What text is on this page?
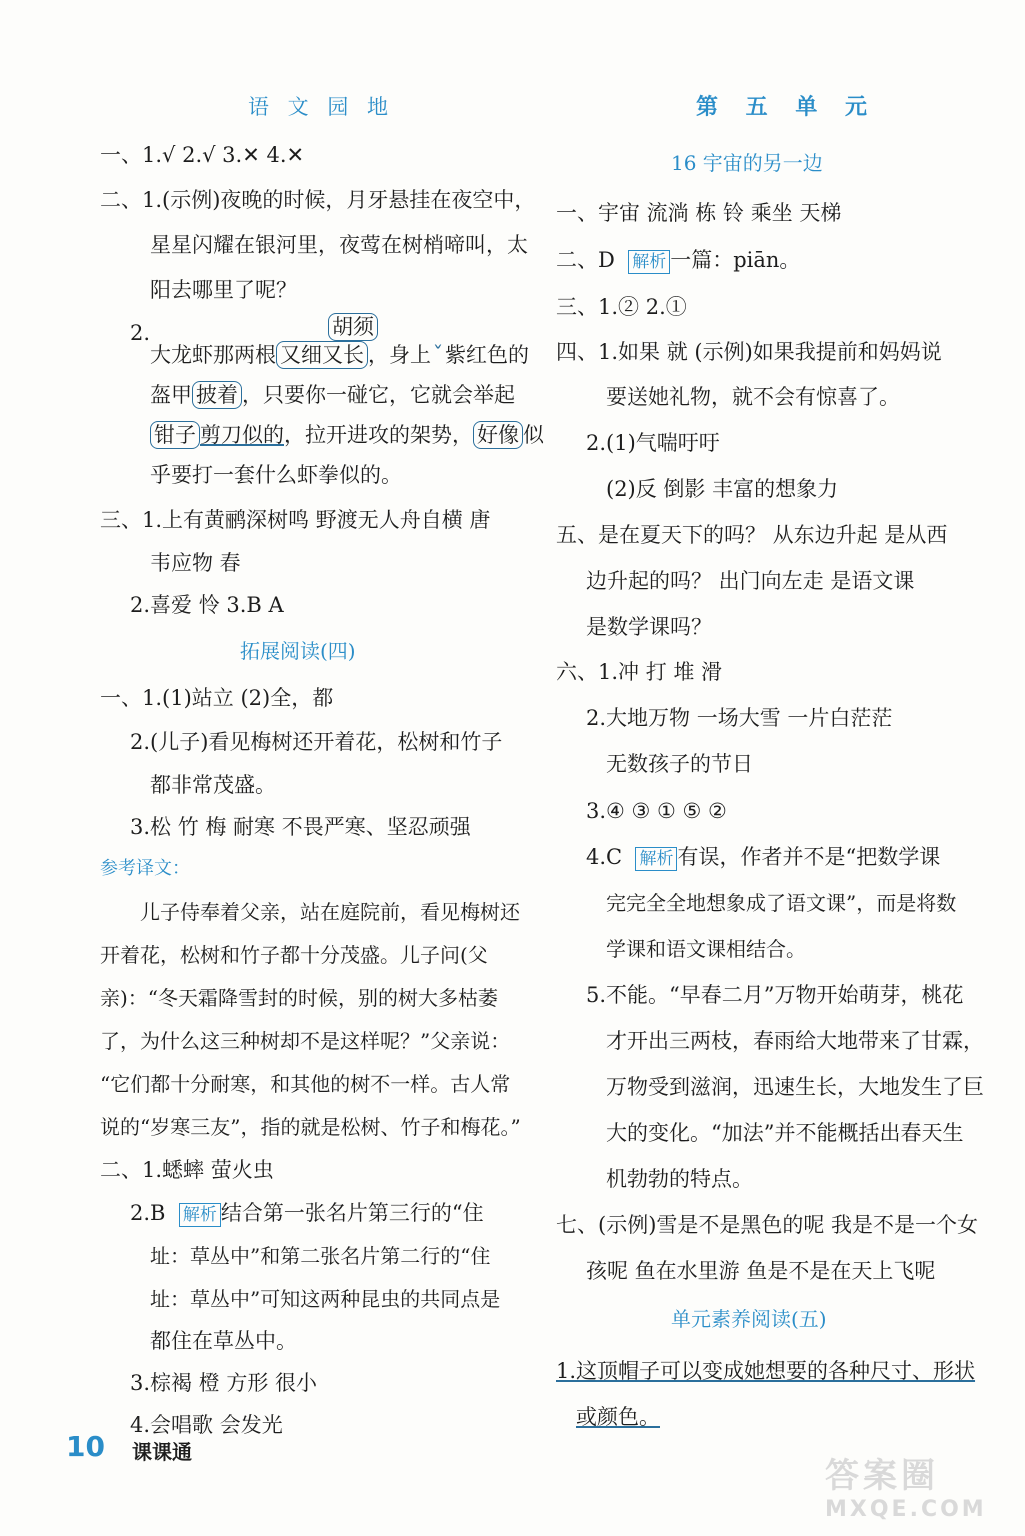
语 文 园 地
一、1.√ 2.√ 3.✕ 4.✕
二、1.(示例)夜晚的时候，月牙悬挂在夜空中，
星星闪耀在银河里，夜莺在树梢啼叫，太
阳去哪里了呢？
2.	胡须
大龙虾那两根 又细又长 ，身上ˇ紫红色的
盔甲 披着 ，只要你一碰它，它就会举起
钳子 剪刀似的，拉开进攻的架势， 好像 似
乎要打一套什么虾拳似的。
三、1.上有黄鹂深树鸣 野渡无人舟自横 唐
韦应物 春
2.喜爱 怜 3.B A
拓展阅读(四)
一、1.(1)站立 (2)全，都
2.(儿子)看见梅树还开着花，松树和竹子
都非常茂盛。
3.松 竹 梅 耐寒 不畏严寒、坚忍顽强
参考译文：
儿子侍奉着父亲，站在庭院前，看见梅树还
开着花，松树和竹子都十分茂盛。儿子问(父
亲)：“冬天霜降雪封的时候，别的树大多枯萎
了，为什么这三种树却不是这样呢？”父亲说：
“它们都十分耐寒，和其他的树不一样。古人常
说的“岁寒三友”，指的就是松树、竹子和梅花。”
二、1.蟋蟀 萤火虫
2.B 解析 结合第一张名片第三行的“住
址：草丛中”和第二张名片第二行的“住
址：草丛中”可知这两种昆虫的共同点是
都住在草丛中。
3.棕褐 橙 方形 很小
4.会唱歌 会发光
第 五 单 元
16 宇宙的另一边
一、宇宙 流淌 栋 铃 乘坐 天梯
二、D 解析 一篇：piān。
三、1.② 2.①
四、1.如果 就 (示例)如果我提前和妈妈说
要送她礼物，就不会有惊喜了。
2.(1)气喘吁吁
(2)反 倒影 丰富的想象力
五、是在夏天下的吗？ 从东边升起 是从西
边升起的吗？ 出门向左走 是语文课
是数学课吗？
六、1.冲 打 堆 滑
2.大地万物 一场大雪 一片白茫茫
无数孩子的节日
3.④ ③ ① ⑤ ②
4.C 解析 有误，作者并不是“把数学课
完完全全地想象成了语文课”，而是将数
学课和语文课相结合。
5.不能。“早春二月”万物开始萌芽，桃花
才开出三两枝，春雨给大地带来了甘霖，
万物受到滋润，迅速生长，大地发生了巨
大的变化。“加法”并不能概括出春天生
机勃勃的特点。
七、(示例)雪是不是黑色的呢 我是不是一个女
孩呢 鱼在水里游 鱼是不是在天上飞呢
单元素养阅读(五)
1.这顶帽子可以变成她想要的各种尺寸、形状
或颜色。
10 课课通
答案圈
MXQE.COM
